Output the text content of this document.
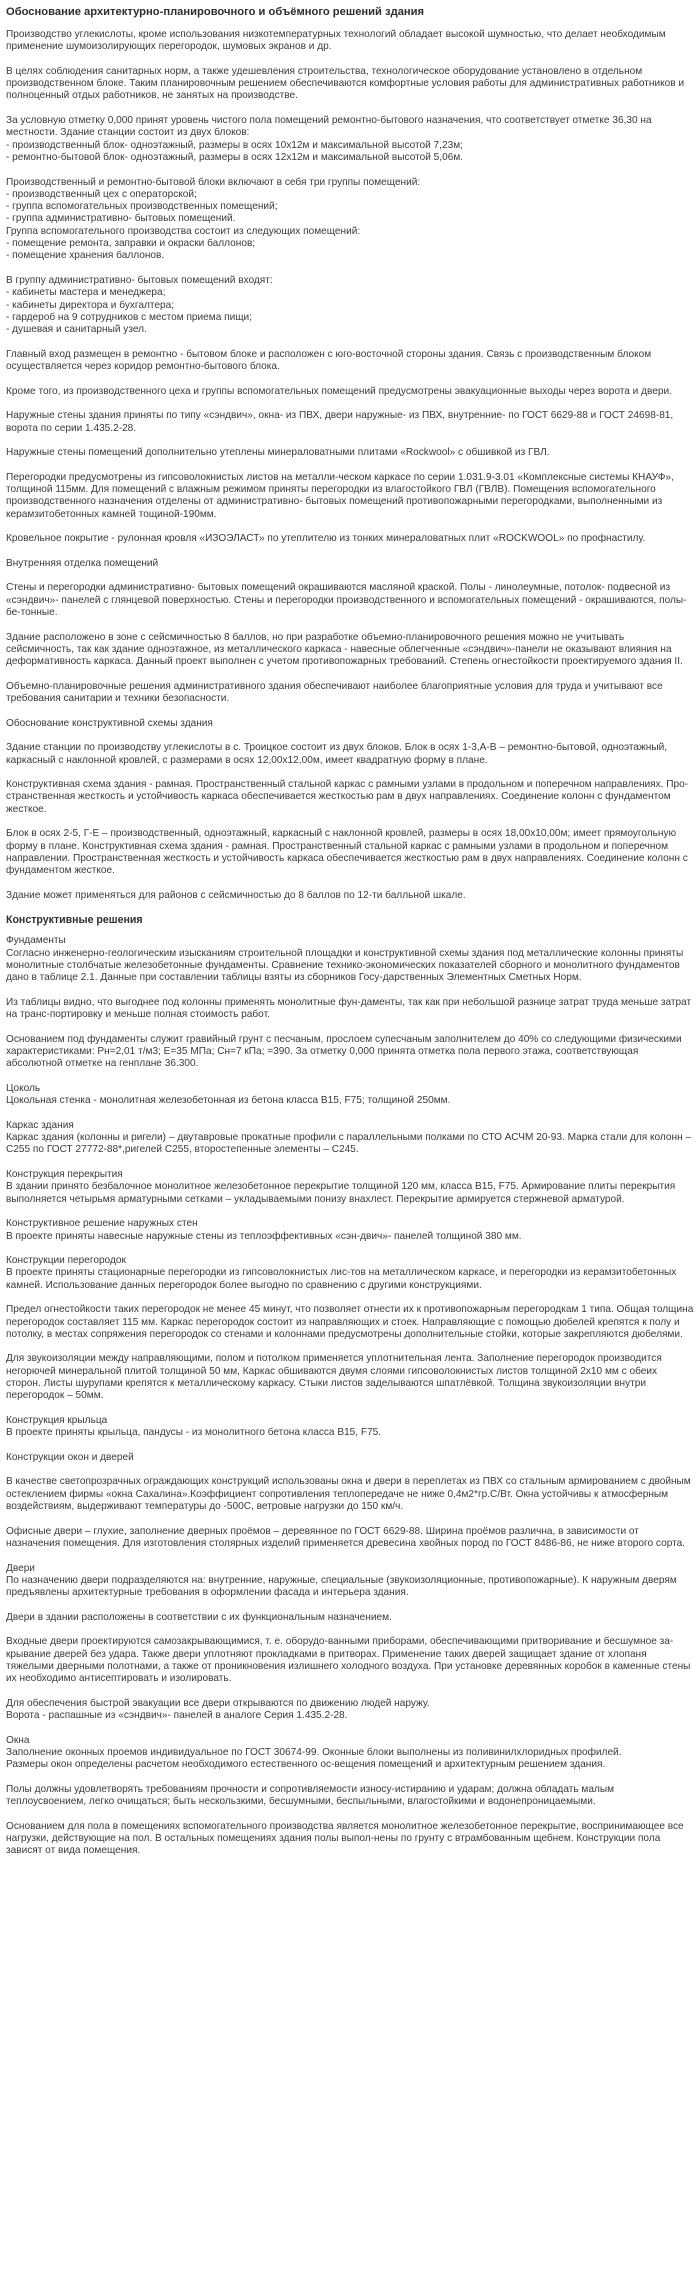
Обоснование архитектурно-планировочного и объёмного решений здания

Производство углекислоты, кроме использования низкотемпературных технологий обладает высокой шумностью, что делает необходимым применение шумоизолирующих перегородок, шумовых экранов и др.

В целях соблюдения санитарных норм, а также удешевления строительства, технологическое оборудование установлено в отдельном производственном блоке. Таким планировочным решением обеспечиваются комфортные условия работы для административных работников и полноценный отдых работников, не занятых на производстве.

За условную отметку 0,000 принят уровень чистого пола помещений ремонтно-бытового назначения, что соответствует отметке 36,30 на местности. Здание станции состоит из двух блоков:
- производственный блок- одноэтажный, размеры в осях 10х12м и максимальной высотой 7,23м;
- ремонтно-бытовой блок- одноэтажный, размеры в осях 12х12м и максимальной высотой 5,06м.

Производственный и ремонтно-бытовой блоки включают в себя три группы помещений:
- производственный цех с операторской;
- группа вспомогательных производственных помещений;
- группа административно- бытовых помещений.
Группа вспомогательного производства состоит из следующих помещений:
- помещение ремонта, заправки и окраски баллонов;
- помещение хранения баллонов.

В группу административно- бытовых помещений входят:
- кабинеты мастера и менеджера;
- кабинеты директора и бухгалтера;
- гардероб на 9 сотрудников с местом приема пищи;
- душевая и санитарный узел.

Главный вход размещен в ремонтно - бытовом блоке и расположен с юго-восточной стороны здания. Связь с производственным блоком осуществляется через коридор ремонтно-бытового блока.

Кроме того, из производственного цеха и группы вспомогательных помещений предусмотрены эвакуационные выходы через ворота и двери.

Наружные стены здания приняты по типу «сэндвич», окна- из ПВХ, двери наружные- из ПВХ, внутренние- по ГОСТ 6629-88 и ГОСТ 24698-81, ворота по серии 1.435.2-28.

Наружные стены помещений дополнительно утеплены минераловатными плитами «Rockwool» с обшивкой из ГВЛ.

Перегородки предусмотрены из гипсоволокнистых листов на металли-ческом каркасе по серии 1.031.9-3.01 «Комплексные системы КНАУФ», толщиной 115мм. Для помещений с влажным режимом приняты перегородки из влагостойкого ГВЛ (ГВЛВ). Помещения вспомогательного производственного назначения отделены от административно- бытовых помещений противопожарными перегородками, выполненными из керамзитобетонных камней тощиной-190мм.

Кровельное покрытие - рулонная кровля «ИЗОЭЛАСТ» по утеплителю из тонких минераловатных плит «ROCKWOOL» по профнастилу.

Внутренняя отделка помещений

Стены и перегородки административно- бытовых помещений окрашиваются масляной краской. Полы - линолеумные, потолок- подвесной из «сэндвич»- панелей с глянцевой поверхностью. Стены и перегородки производственного и вспомогательных помещений - окрашиваются, полы- бе-тонные.

Здание расположено в зоне с сейсмичностью 8 баллов, но при разработке объемно-планировочного решения можно не учитывать сейсмичность, так как здание одноэтажное, из металлического каркаса - навесные облегченные «сэндвич»-панели не оказывают влияния на деформативность каркаса. Данный проект выполнен с учетом противопожарных требований. Степень огнестойкости проектируемого здания II.

Объемно-планировочные решения административного здания обеспечивают наиболее благоприятные условия для труда и учитывают все требования санитарии и техники безопасности.

Обоснование конструктивной схемы здания

Здание станции по производству углекислоты в с. Троицкое состоит из двух блоков. Блок в осях 1-3,А-В – ремонтно-бытовой, одноэтажный, каркасный с наклонной кровлей, с размерами в осях 12,00х12,00м, имеет квадратную форму в плане.

Конструктивная схема здания - рамная. Пространственный стальной каркас с рамными узлами в продольном и поперечном направлениях. Про-странственная жесткость и устойчивость каркаса обеспечивается жесткостью рам в двух направлениях. Соединение колонн с фундаментом жесткое.

Блок в осях 2-5, Г-Е – производственный, одноэтажный, каркасный с наклонной кровлей, размеры в осях 18,00х10,00м; имеет прямоугольную форму в плане. Конструктивная схема здания - рамная. Пространственный стальной каркас с рамными узлами в продольном и поперечном направлении. Пространственная жесткость и устойчивость каркаса обеспечивается жесткостью рам в двух направлениях. Соединение колонн с фундаментом жесткое.

Здание может применяться для районов с сейсмичностью до 8 баллов по 12-ти балльной шкале.

Конструктивные решения

Фундаменты
Согласно инженерно-геологическим изысканиям строительной площадки и конструктивной схемы здания под металлические колонны приняты монолитные столбчатые железобетонные фундаменты. Сравнение технико-экономических показателей сборного и монолитного фундаментов дано в таблице 2.1. Данные при составлении таблицы взяты из сборников Госу-дарственных Элементных Сметных Норм.

Из таблицы видно, что выгоднее под колонны применять монолитные фун-даменты, так как при небольшой разнице затрат труда меньше затрат на транс-портировку и меньше полная стоимость работ.

Основанием под фундаменты служит гравийный грунт с песчаным, прослоем супесчаным заполнителем до 40% со следующими физическими характеристиками: Рн=2,01 т/м3; Е=35 МПа; Сн=7 кПа; =390. За отметку 0,000 принята отметка пола первого этажа, соответствующая абсолютной отметке на генплане 36.300.

Цоколь
Цокольная стенка - монолитная железобетонная из бетона класса В15, F75; толщиной 250мм.

Каркас здания
Каркас здания (колонны и ригели) – двутавровые прокатные профили с параллельными полками по СТО АСЧМ 20-93. Марка стали для колонн – С255 по ГОСТ 27772-88*,ригелей С255, второстепенные элементы – С245.

Конструкция перекрытия
В здании принято безбалочное монолитное железобетонное перекрытие толщиной 120 мм, класса В15, F75. Армирование плиты перекрытия выполняется четырьмя арматурными сетками – укладываемыми понизу внахлест. Перекрытие армируется стержневой арматурой.

Конструктивное решение наружных стен
В проекте приняты навесные наружные стены из теплоэффективных «сэн-двич»- панелей толщиной 380 мм.

Конструкции перегородок
В проекте приняты стационарные перегородки из гипсоволокнистых лис-тов на металлическом каркасе, и перегородки из керамзитобетонных камней. Использование данных перегородок более выгодно по сравнению с другими конструкциями.

Предел огнестойкости таких перегородок не менее 45 минут, что позволяет отнести их к противопожарным перегородкам 1 типа. Общая толщина перегородок составляет 115 мм. Каркас перегородок состоит из направляющих и стоек. Направляющие с помощью дюбелей крепятся к полу и потолку, в местах сопряжения перегородок со стенами и колоннами предусмотрены дополнительные стойки, которые закрепляются дюбелями.

Для звукоизоляции между направляющими, полом и потолком применяется уплотнительная лента. Заполнение перегородок производится негорючей минеральной плитой толщиной 50 мм, Каркас обшиваются двумя слоями гипсоволокнистых листов толщиной 2х10 мм с обеих сторон. Листы шурупами крепятся к металлическому каркасу. Стыки листов заделываются шпатлёвкой. Толщина звукоизоляции внутри перегородок – 50мм.

Конструкция крыльца
В проекте приняты крыльца, пандусы - из монолитного бетона класса В15, F75.

Конструкции окон и дверей

В качестве светопрозрачных ограждающих конструкций использованы окна и двери в переплетах из ПВХ со стальным армированием с двойным остеклением фирмы «окна Сахалина».Коэффициент сопротивления теплопередаче не ниже 0,4м2*гр.С/Вт. Окна устойчивы к атмосферным воздействиям, выдерживают температуры до -500С, ветровые нагрузки до 150 км/ч.

Офисные двери – глухие, заполнение дверных проёмов – деревянное по ГОСТ 6629-88. Ширина проёмов различна, в зависимости от назначения помещения. Для изготовления столярных изделий применяется древесина хвойных пород по ГОСТ 8486-86, не ниже второго сорта.

Двери
По назначению двери подразделяются на: внутренние, наружные, специальные (звукоизоляционные, противопожарные). К наружным дверям предъявлены архитектурные требования в оформлении фасада и интерьера здания.

Двери в здании расположены в соответствии с их функциональным назначением.

Входные двери проектируются самозакрывающимися, т. е. оборудо-ванными приборами, обеспечивающими притворивание и бесшумное за-крывание дверей без удара. Также двери уплотняют прокладками в притворах. Применение таких дверей защищает здание от хлопаня тяжелыми дверными полотнами, а также от проникновения излишнего холодного воздуха. При установке деревянных коробок в каменные стены их необходимо антисептировать и изолировать.

Для обеспечения быстрой эвакуации все двери открываются по движению людей наружу.
Ворота - распашные из «сэндвич»- панелей в аналоге Серия 1.435.2-28.

Окна
Заполнение оконных проемов индивидуальное по ГОСТ 30674-99. Оконные блоки выполнены из поливинилхлоридных профилей.
Размеры окон определены расчетом необходимого естественного ос-вещения помещений и архитектурным решением здания.

Полы должны удовлетворять требованиям прочности и сопротивляемости износу-истиранию и ударам; должна обладать малым теплоусвоением, легко очищаться; быть нескользкими, бесшумными, беспыльными, влагостойкими и водонепроницаемыми.

Основанием для пола в помещениях вспомогательного производства является монолитное железобетонное перекрытие, воспринимающее все нагрузки, действующие на пол. В остальных помещениях здания полы выпол-нены по грунту с втрамбованным щебнем. Конструкции пола зависят от вида помещения.
